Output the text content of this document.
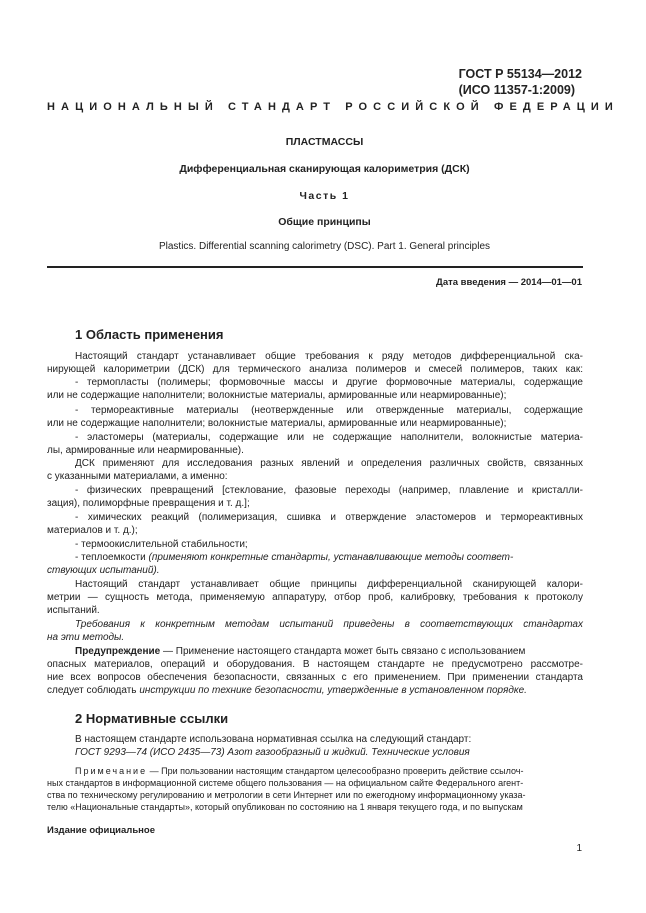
ГОСТ Р 55134—2012
(ИСО 11357-1:2009)
НАЦИОНАЛЬНЫЙ СТАНДАРТ РОССИЙСКОЙ ФЕДЕРАЦИИ
ПЛАСТМАССЫ
Дифференциальная сканирующая калориметрия (ДСК)
Часть 1
Общие принципы
Plastics. Differential scanning calorimetry (DSC). Part 1. General principles
Дата введения — 2014—01—01
1 Область применения
Настоящий стандарт устанавливает общие требования к ряду методов дифференциальной ска-
нирующей калориметрии (ДСК) для термического анализа полимеров и смесей полимеров, таких как:
- термопласты (полимеры; формовочные массы и другие формовочные материалы, содержащие
или не содержащие наполнители; волокнистые материалы, армированные или неармированные);
- термореактивные материалы (неотвержденные или отвержденные материалы, содержащие
или не содержащие наполнители; волокнистые материалы, армированные или неармированные);
- эластомеры (материалы, содержащие или не содержащие наполнители, волокнистые материа-
лы, армированные или неармированные).
ДСК применяют для исследования разных явлений и определения различных свойств, связанных
с указанными материалами, а именно:
- физических превращений [стеклование, фазовые переходы (например, плавление и кристалли-
зация), полиморфные превращения и т. д.];
- химических реакций (полимеризация, сшивка и отверждение эластомеров и термореактивных
материалов и т. д.);
- термоокислительной стабильности;
- теплоемкости (применяют конкретные стандарты, устанавливающие методы соответ-
ствующих испытаний).
Настоящий стандарт устанавливает общие принципы дифференциальной сканирующей калори-
метрии — сущность метода, применяемую аппаратуру, отбор проб, калибровку, требования к протоколу
испытаний.
Требования к конкретным методам испытаний приведены в соответствующих стандартах
на эти методы.
Предупреждение — Применение настоящего стандарта может быть связано с использованием
опасных материалов, операций и оборудования. В настоящем стандарте не предусмотрено рассмотре-
ние всех вопросов обеспечения безопасности, связанных с его применением. При применении стандарта
следует соблюдать инструкции по технике безопасности, утвержденные в установленном порядке.
2 Нормативные ссылки
В настоящем стандарте использована нормативная ссылка на следующий стандарт:
ГОСТ 9293—74 (ИСО 2435—73) Азот газообразный и жидкий. Технические условия
Примечание — При пользовании настоящим стандартом целесообразно проверить действие ссылоч-
ных стандартов в информационной системе общего пользования — на официальном сайте Федерального агент-
ства по техническому регулированию и метрологии в сети Интернет или по ежегодному информационному указа-
телю «Национальные стандарты», который опубликован по состоянию на 1 января текущего года, и по выпускам
Издание официальное
1
